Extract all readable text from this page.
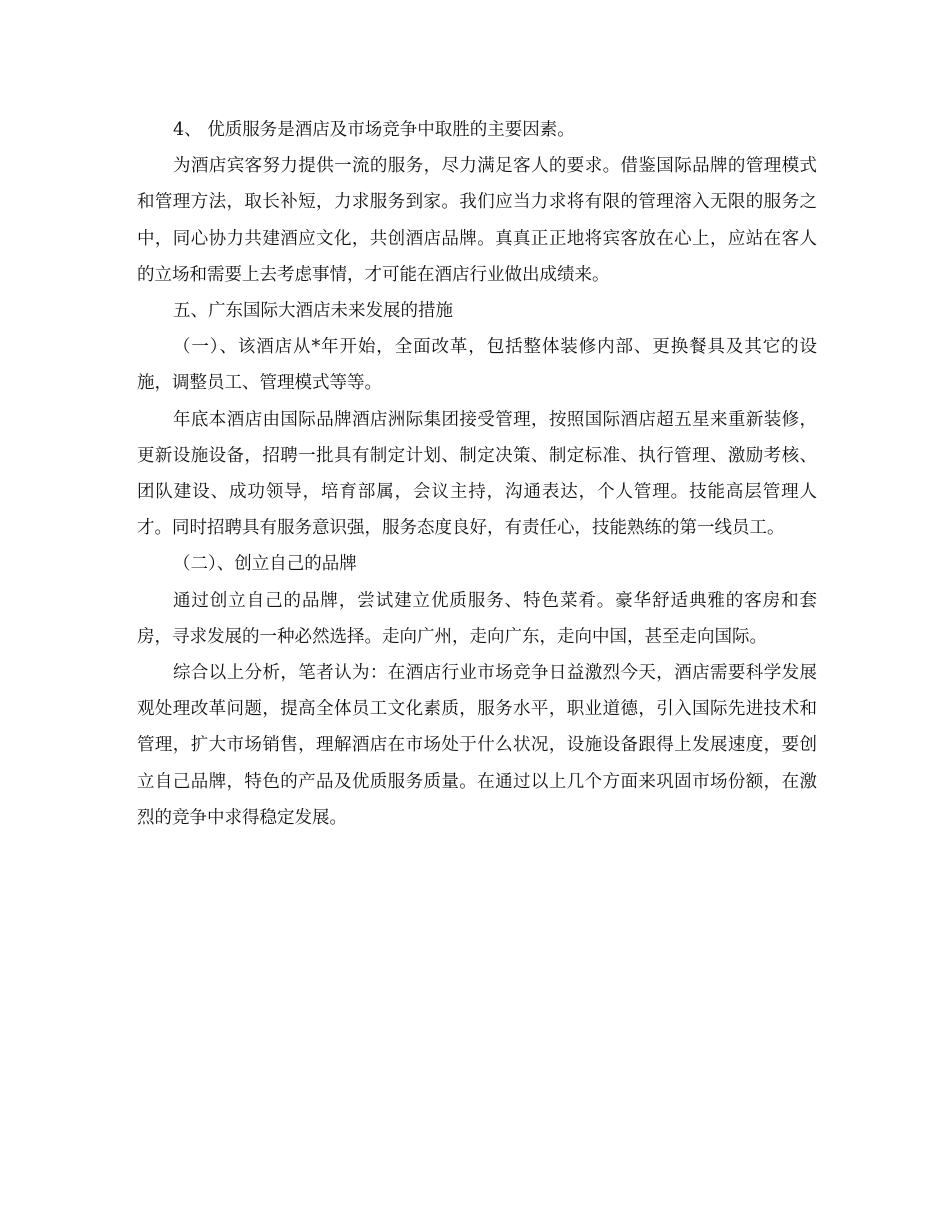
4、 优质服务是酒店及市场竞争中取胜的主要因素。

为酒店宾客努力提供一流的服务，尽力满足客人的要求。借鉴国际品牌的管理模式和管理方法，取长补短，力求服务到家。我们应当力求将有限的管理溶入无限的服务之中，同心协力共建酒应文化，共创酒店品牌。真真正正地将宾客放在心上，应站在客人的立场和需要上去考虑事情，才可能在酒店行业做出成绩来。

五、广东国际大酒店未来发展的措施

（一）、该酒店从*年开始，全面改革，包括整体装修内部、更换餐具及其它的设施，调整员工、管理模式等等。

年底本酒店由国际品牌酒店洲际集团接受管理，按照国际酒店超五星来重新装修，更新设施设备，招聘一批具有制定计划、制定决策、制定标准、执行管理、激励考核、团队建设、成功领导，培育部属，会议主持，沟通表达，个人管理。技能高层管理人才。同时招聘具有服务意识强，服务态度良好，有责任心，技能熟练的第一线员工。

（二）、创立自己的品牌

通过创立自己的品牌，尝试建立优质服务、特色菜肴。豪华舒适典雅的客房和套房，寻求发展的一种必然选择。走向广州，走向广东，走向中国，甚至走向国际。

综合以上分析，笔者认为：在酒店行业市场竞争日益激烈今天，酒店需要科学发展观处理改革问题，提高全体员工文化素质，服务水平，职业道德，引入国际先进技术和管理，扩大市场销售，理解酒店在市场处于什么状况，设施设备跟得上发展速度，要创立自己品牌，特色的产品及优质服务质量。在通过以上几个方面来巩固市场份额，在激烈的竞争中求得稳定发展。
